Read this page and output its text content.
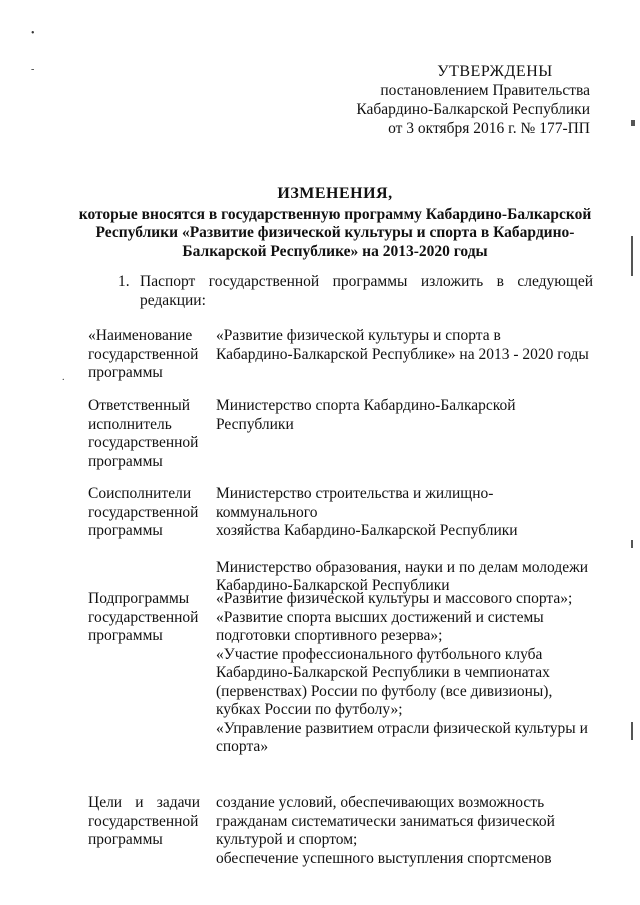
•
-
.
УТВЕРЖДЕНЫ
постановлением Правительства
Кабардино-Балкарской Республики
от 3 октября 2016 г. № 177-ПП
ИЗМЕНЕНИЯ,
которые вносятся в государственную программу Кабардино-Балкарской
Республики «Развитие физической культуры и спорта в Кабардино-
Балкарской Республике» на 2013-2020 годы
1. Паспорт государственной программы изложить в следующей
редакции:
«Наименование
государственной
программы

«Развитие физической культуры и спорта в

Кабардино-Балкарской Республике» на 2013 - 2020 годы

Ответственный
исполнитель
государственной
программы

Министерство спорта Кабардино-Балкарской Республики

Соисполнители
государственной
программы

Министерство строительства и жилищно-коммунального

хозяйства Кабардино-Балкарской Республики

Министерство образования, науки и по делам молодежи

Кабардино-Балкарской Республики

Подпрограммы
государственной
программы

«Развитие физической культуры и массового спорта»;

«Развитие спорта высших достижений и системы

подготовки спортивного резерва»;

«Участие профессионального футбольного клуба

Кабардино-Балкарской Республики в чемпионатах

(первенствах) России по футболу (все дивизионы),

кубках России по футболу»;

«Управление развитием отрасли физической культуры и

спорта»

Цели и задачи
государственной
программы

создание условий, обеспечивающих возможность

гражданам систематически заниматься физической

культурой и спортом;

обеспечение успешного выступления спортсменов
